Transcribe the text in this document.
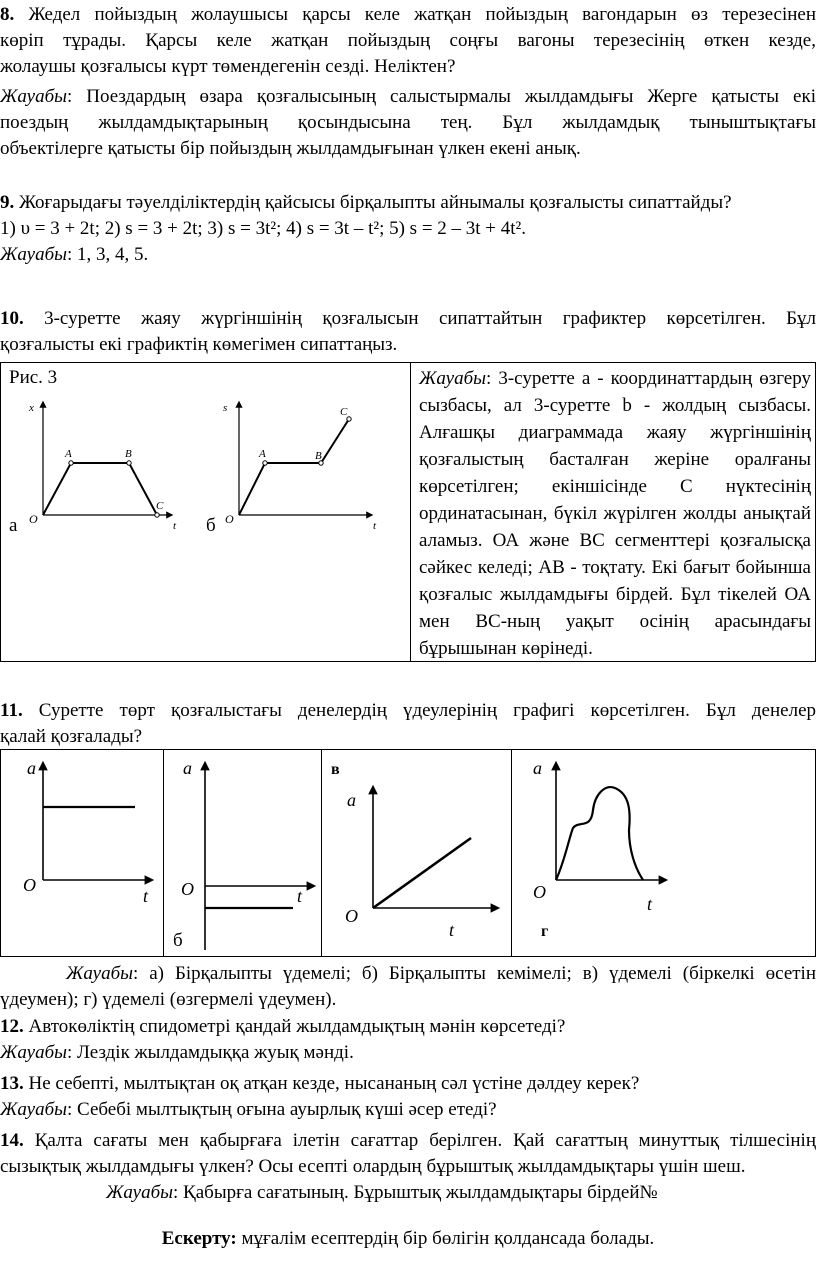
8. Жедел пойыздың жолаушысы қарсы келе жатқан пойыздың вагондарын өз терезесінен
көріп тұрады. Қарсы келе жатқан пойыздың соңғы вагоны терезесінің өткен кезде,
жолаушы қозғалысы күрт төмендегенін сезді. Неліктен?
Жауабы: Поездардың өзара қозғалысының салыстырмалы жылдамдығы Жерге қатысты екі
поездың жылдамдықтарының қосындысына тең. Бұл жылдамдық тыныштықтағы
объектілерге қатысты бір пойыздың жылдамдығынан үлкен екені анық.
9. Жоғарыдағы тәуелділіктердің қайсысы бірқалыпты айнымалы қозғалысты сипаттайды?
1) υ = 3 + 2t; 2) s = 3 + 2t; 3) s = 3t²; 4) s = 3t – t²; 5) s = 2 – 3t + 4t².
Жауабы: 1, 3, 4, 5.
10. 3-суретте жаяу жүргіншінің қозғалысын сипаттайтын графиктер көрсетілген. Бұл
қозғалысты екі графиктің көмегімен сипаттаңыз.
Рис. 3
x
t
O
A	B
C
а
s
t
O
A	B
C
б

Жауабы: 3-суретте а - координаттардың өзгеру сызбасы, ал 3-суретте b - жолдың сызбасы. Алғашқы диаграммада жаяу жүргіншінің қозғалыстың басталған жеріне оралғаны көрсетілген; екіншісінде С нүктесінің ординатасынан, бүкіл жүрілген жолды анықтай аламыз. ОА және ВС сегменттері қозғалысқа сәйкес келеді; АВ - тоқтату. Екі бағыт бойынша қозғалыс жылдамдығы бірдей. Бұл тікелей ОА мен ВС-ның уақыт осінің арасындағы бұрышынан көрінеді.

11. Суретте төрт қозғалыстағы денелердің үдеулерінің графигі көрсетілген. Бұл денелер
қалай қозғалады?
a
t
O
a
t
O
б
a
t
O
в	a
t
O
г
Жауабы: а) Бірқалыпты үдемелі; б) Бірқалыпты кемімелі; в) үдемелі (біркелкі өсетін
үдеумен); г) үдемелі (өзгермелі үдеумен).
12. Автокөліктің спидометрі қандай жылдамдықтың мәнін көрсетеді?
Жауабы: Лездік жылдамдыққа жуық мәнді.
13. Не себепті, мылтықтан оқ атқан кезде, нысананың сәл үстіне дәлдеу керек?
Жауабы: Себебі мылтықтың оғына ауырлық күші әсер етеді?
14. Қалта сағаты мен қабырғаға ілетін сағаттар берілген. Қай сағаттың минуттық тілшесінің
сызықтық жылдамдығы үлкен? Осы есепті олардың бұрыштық жылдамдықтары үшін шеш.
Жауабы: Қабырға сағатының. Бұрыштық жылдамдықтары бірдей№
Ескерту: мұғалім есептердің бір бөлігін қолдансада болады.
